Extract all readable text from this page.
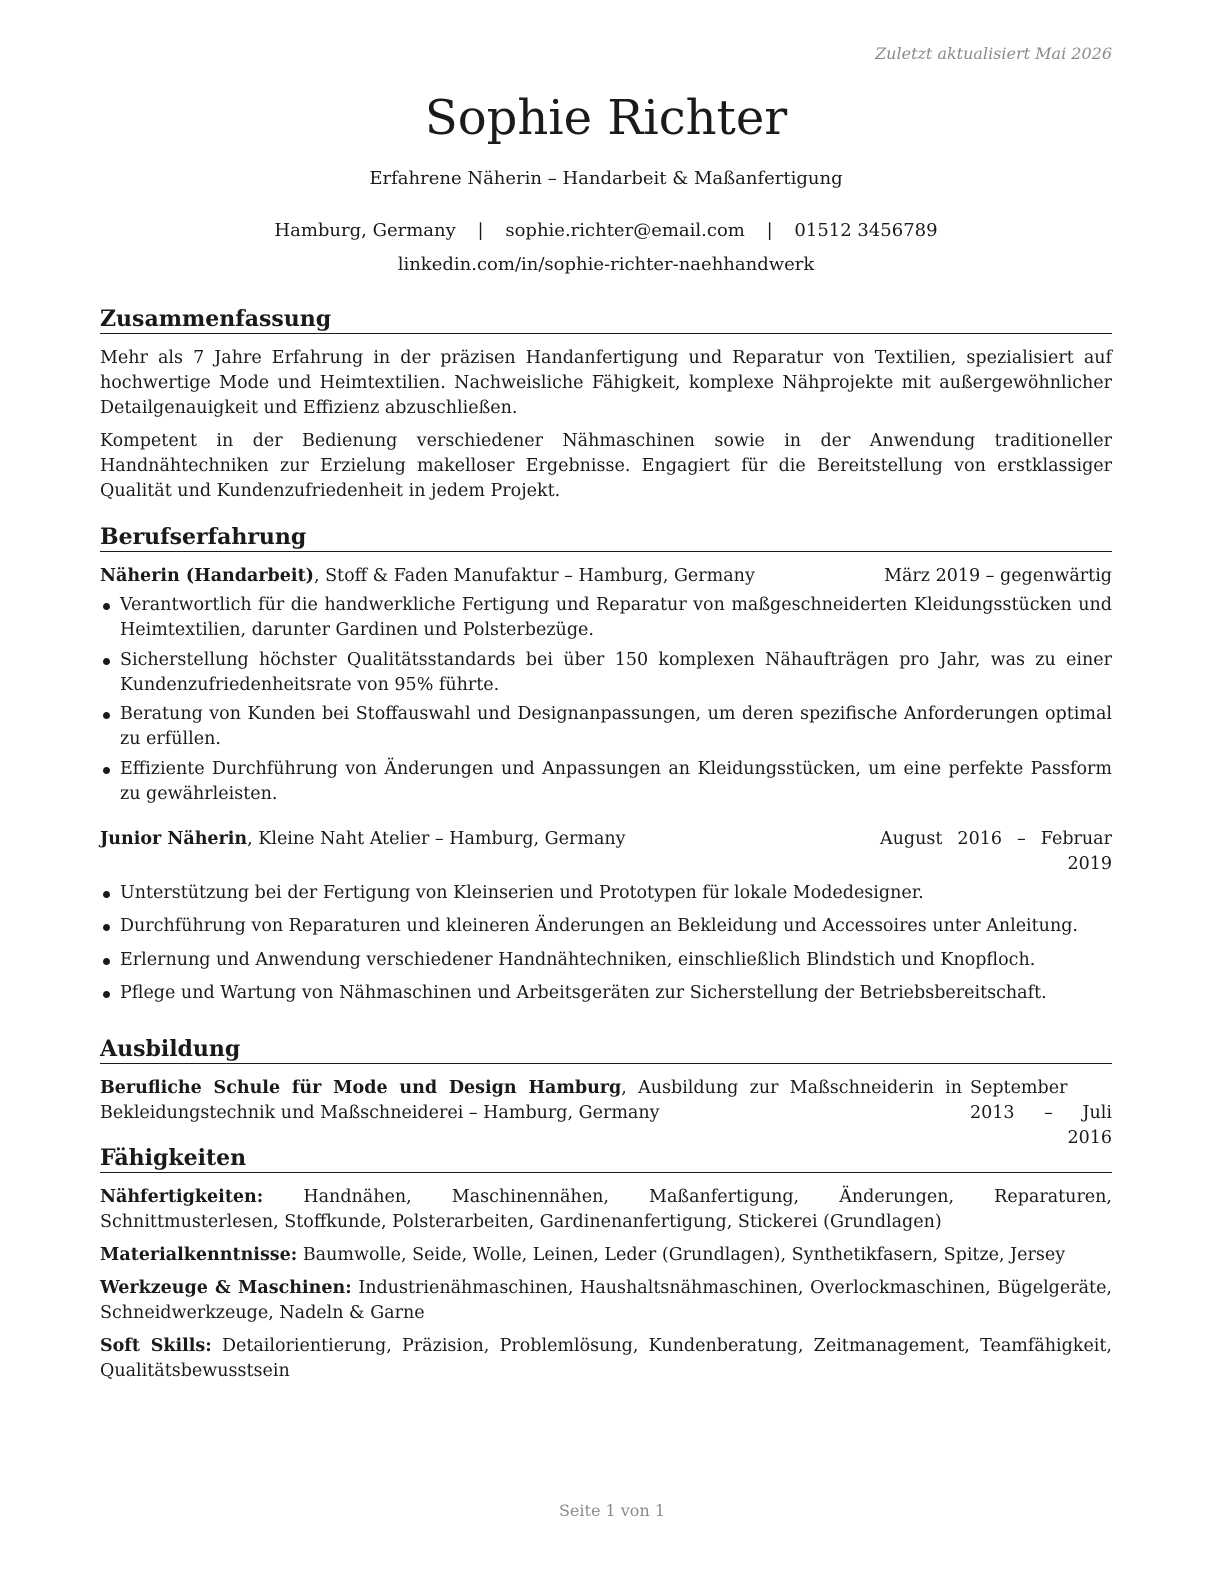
Zuletzt aktualisiert Mai 2026
Sophie Richter
Erfahrene Näherin – Handarbeit & Maßanfertigung
Hamburg, Germany | sophie.richter@email.com | 01512 3456789
linkedin.com/in/sophie-richter-naehhandwerk
Zusammenfassung

Mehr als 7 Jahre Erfahrung in der präzisen Handanfertigung und Reparatur von Textilien, spezialisiert auf hochwertige Mode und Heimtextilien. Nachweisliche Fähigkeit, komplexe Nähprojekte mit außergewöhnlicher Detailgenauigkeit und Effizienz abzuschließen.

Kompetent in der Bedienung verschiedener Nähmaschinen sowie in der Anwendung traditioneller Handnähtechniken zur Erzielung makelloser Ergebnisse. Engagiert für die Bereitstellung von erstklassiger Qualität und Kundenzufriedenheit in jedem Projekt.

Berufserfahrung
Näherin (Handarbeit), Stoff & Faden Manufaktur – Hamburg, Germany	März 2019 – gegenwärtig
Verantwortlich für die handwerkliche Fertigung und Reparatur von maßgeschneiderten Kleidungsstücken und Heimtextilien, darunter Gardinen und Polsterbezüge.
Sicherstellung höchster Qualitätsstandards bei über 150 komplexen Nähaufträgen pro Jahr, was zu einer Kundenzufriedenheitsrate von 95% führte.
Beratung von Kunden bei Stoffauswahl und Designanpassungen, um deren spezifische Anforderungen optimal zu erfüllen.
Effiziente Durchführung von Änderungen und Anpassungen an Kleidungsstücken, um eine perfekte Passform zu gewährleisten.
Junior Näherin, Kleine Naht Atelier – Hamburg, Germany	August 2016 – Februar 2019
Unterstützung bei der Fertigung von Kleinserien und Prototypen für lokale Modedesigner.
Durchführung von Reparaturen und kleineren Änderungen an Bekleidung und Accessoires unter Anleitung.
Erlernung und Anwendung verschiedener Handnähtechniken, einschließlich Blindstich und Knopfloch.
Pflege und Wartung von Nähmaschinen und Arbeitsgeräten zur Sicherstellung der Betriebsbereitschaft.
Ausbildung
Berufliche Schule für Mode und Design Hamburg, Ausbildung zur Maßschneiderin in Bekleidungstechnik und Maßschneiderei – Hamburg, Germany
September 2013 – Juli 2016
Fähigkeiten

Nähfertigkeiten: Handnähen, Maschinennähen, Maßanfertigung, Änderungen, Reparaturen, Schnittmusterlesen, Stoffkunde, Polsterarbeiten, Gardinenanfertigung, Stickerei (Grundlagen)

Materialkenntnisse: Baumwolle, Seide, Wolle, Leinen, Leder (Grundlagen), Synthetikfasern, Spitze, Jersey

Werkzeuge & Maschinen: Industrienähmaschinen, Haushaltsnähmaschinen, Overlockmaschinen, Bügelgeräte, Schneidwerkzeuge, Nadeln & Garne

Soft Skills: Detailorientierung, Präzision, Problemlösung, Kundenberatung, Zeitmanagement, Teamfähigkeit, Qualitätsbewusstsein

Seite 1 von 1
